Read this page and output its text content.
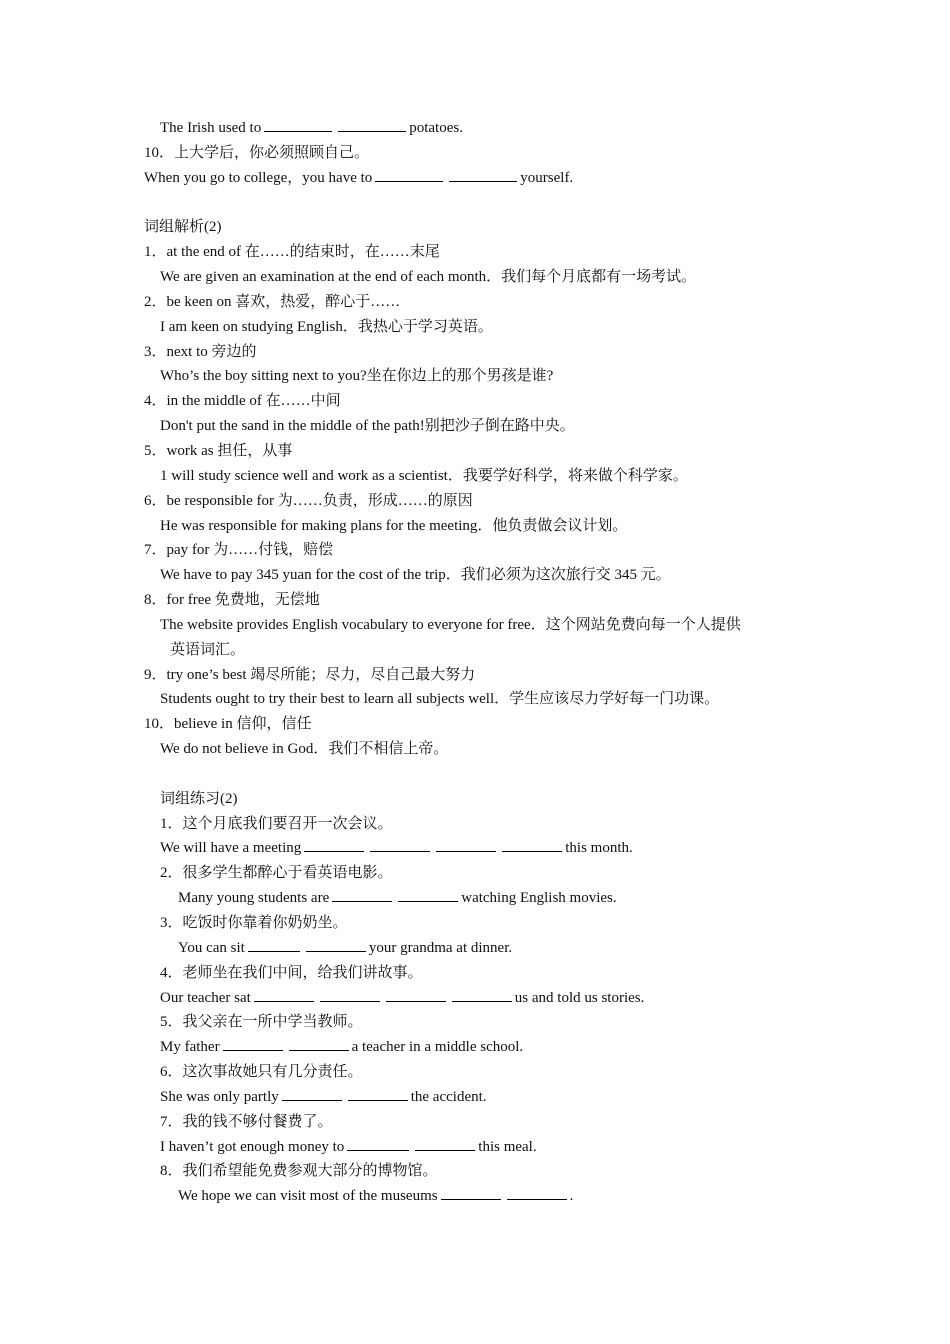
The Irish used to	potatoes.
10．上大学后，你必须照顾自己。
When you go to college，you have to	yourself.
词组解析(2)
1．at the end of 在……的结束时，在……末尾
We are given an examination at the end of each month．我们每个月底都有一场考试。
2．be keen on 喜欢，热爱，醉心于……
I am keen on studying English．我热心于学习英语。
3．next to 旁边的
Who’s the boy sitting next to you?坐在你边上的那个男孩是谁?
4．in the middle of 在……中间
Don't put the sand in the middle of the path!别把沙子倒在路中央。
5．work as 担任，从事
1 will study science well and work as a scientist．我要学好科学，将来做个科学家。
6．be responsible for 为……负责，形成……的原因
He was responsible for making plans for the meeting．他负责做会议计划。
7．pay for 为……付钱，赔偿
We have to pay 345 yuan for the cost of the trip．我们必须为这次旅行交 345 元。
8．for free 免费地，无偿地
The website provides English vocabulary to everyone for free．这个网站免费向每一个人提供
英语词汇。
9．try one’s best 竭尽所能；尽力，尽自己最大努力
Students ought to try their best to learn all subjects well．学生应该尽力学好每一门功课。
10．believe in 信仰，信任
We do not believe in God．我们不相信上帝。
词组练习(2)
1．这个月底我们要召开一次会议。
We will have a meeting	this month.
2．很多学生都醉心于看英语电影。
Many young students are	watching English movies.
3．吃饭时你靠着你奶奶坐。
You can sit	your grandma at dinner.
4．老师坐在我们中间，给我们讲故事。
Our teacher sat	us and told us stories.
5．我父亲在一所中学当教师。
My father	a teacher in a middle school.
6．这次事故她只有几分责任。
She was only partly	the accident.
7．我的钱不够付餐费了。
I haven’t got enough money to	this meal.
8．我们希望能免费参观大部分的博物馆。
We hope we can visit most of the museums	.
